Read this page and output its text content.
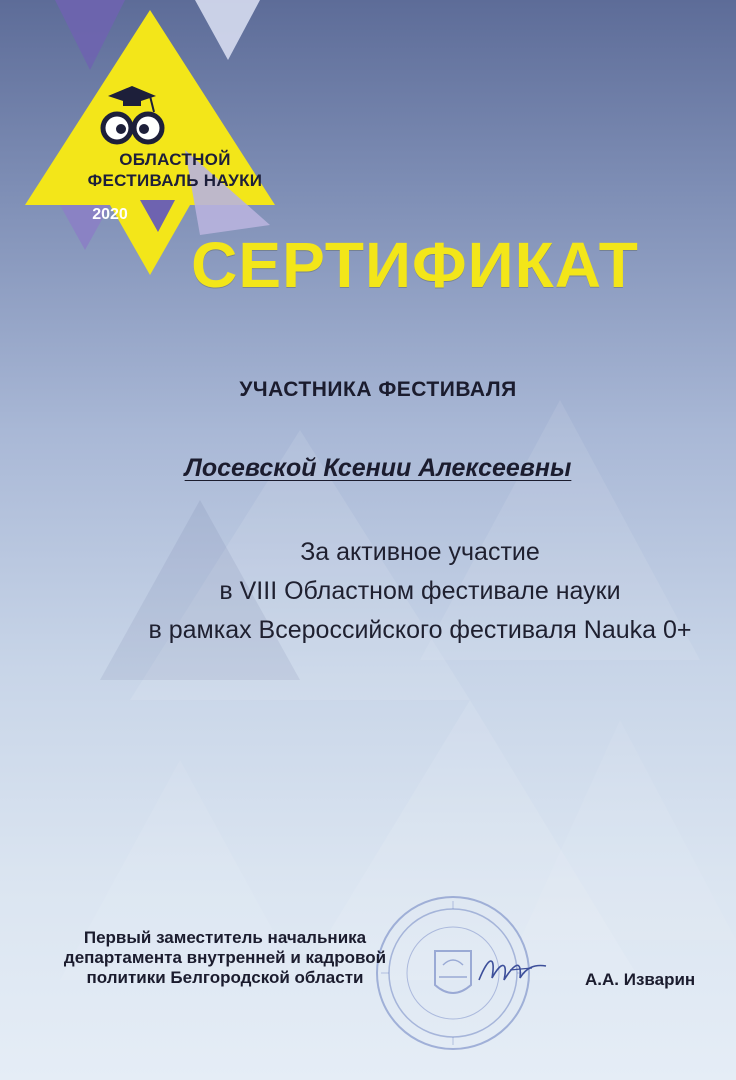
ОБЛАСТНОЙ
ФЕСТИВАЛЬ НАУКИ
2020
СЕРТИФИКАТ
УЧАСТНИКА ФЕСТИВАЛЯ
Лосевской Ксении Алексеевны
За активное участие
в VIII Областном фестивале науки
в рамках Всероссийского фестиваля Nauka 0+
Первый заместитель начальника
департамента внутренней и кадровой
политики Белгородской области	А.А. Изварин
